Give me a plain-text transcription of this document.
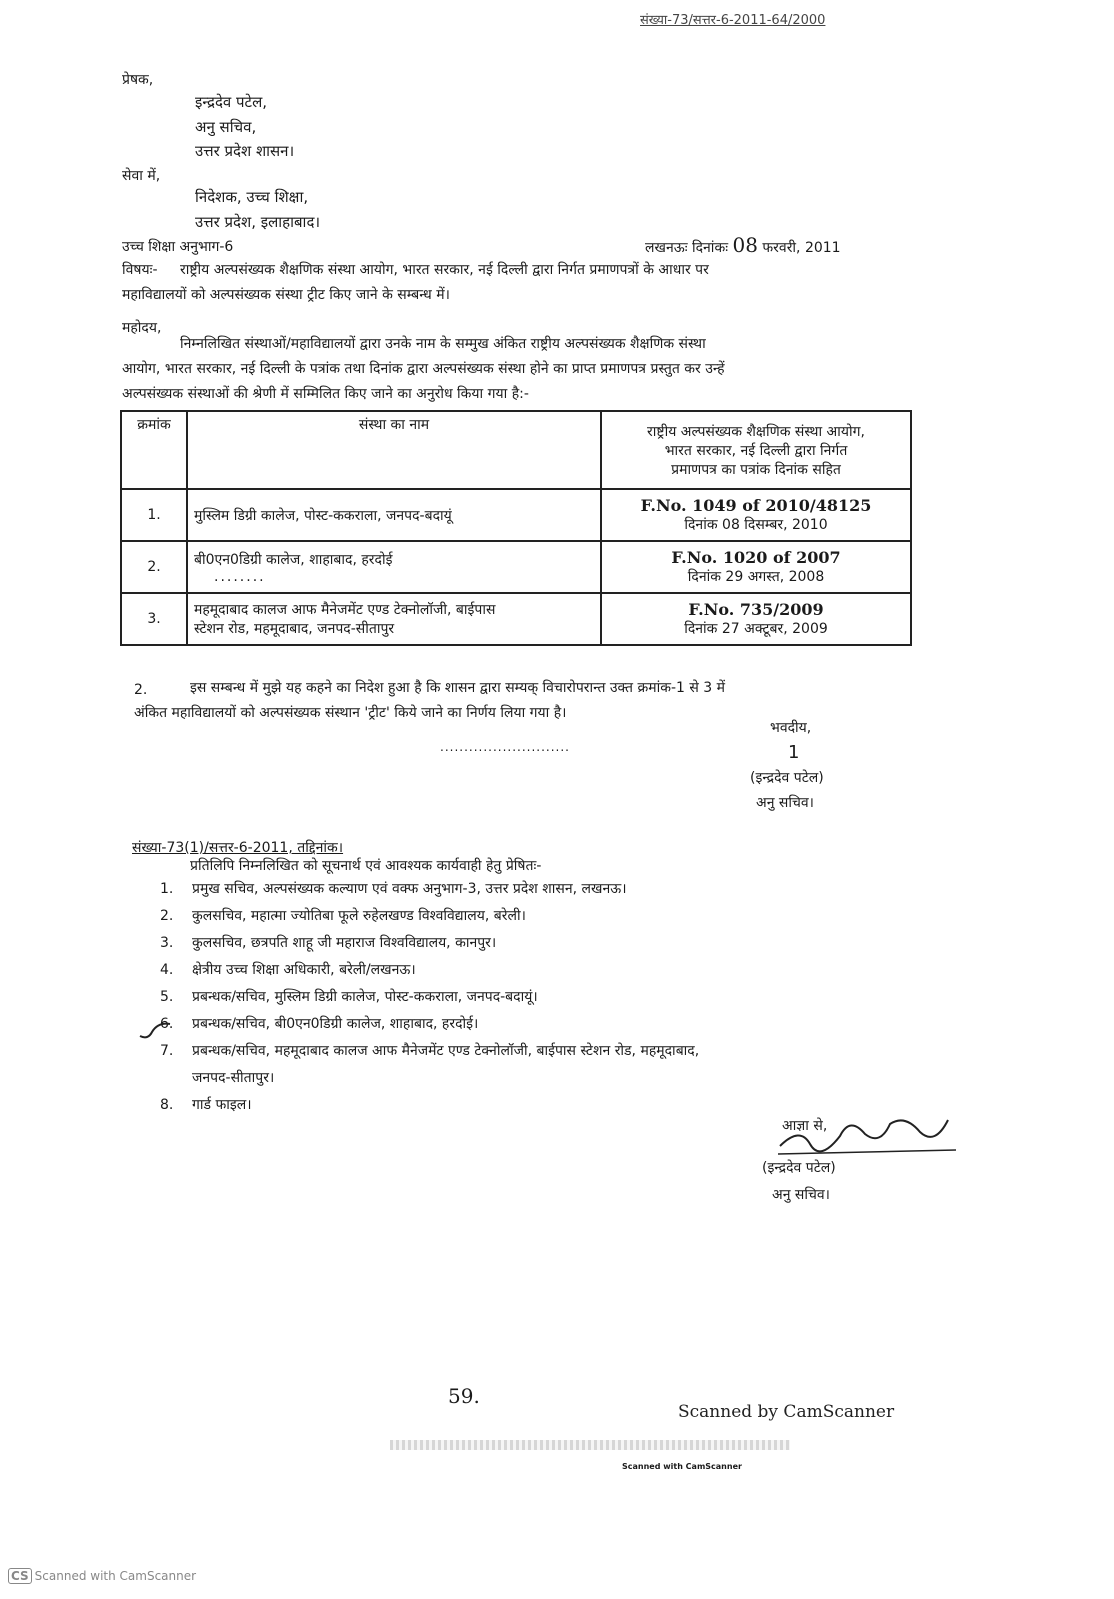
संख्या-73/सत्तर-6-2011-64/2000
प्रेषक,
इन्द्रदेव पटेल,
अनु सचिव,
उत्तर प्रदेश शासन।
सेवा में,
निदेशक, उच्च शिक्षा,
उत्तर प्रदेश, इलाहाबाद।
उच्च शिक्षा अनुभाग-6	लखनऊः दिनांकः 08 फरवरी, 2011
विषयः- राष्ट्रीय अल्पसंख्यक शैक्षणिक संस्था आयोग, भारत सरकार, नई दिल्ली द्वारा निर्गत प्रमाणपत्रों के आधार पर
महाविद्यालयों को अल्पसंख्यक संस्था ट्रीट किए जाने के सम्बन्ध में।
महोदय,
निम्नलिखित संस्थाओं/महाविद्यालयों द्वारा उनके नाम के सम्मुख अंकित राष्ट्रीय अल्पसंख्यक शैक्षणिक संस्था
आयोग, भारत सरकार, नई दिल्ली के पत्रांक तथा दिनांक द्वारा अल्पसंख्यक संस्था होने का प्राप्त प्रमाणपत्र प्रस्तुत कर उन्हें
अल्पसंख्यक संस्थाओं की श्रेणी में सम्मिलित किए जाने का अनुरोध किया गया है:-
क्रमांक	संस्था का नाम	राष्ट्रीय अल्पसंख्यक शैक्षणिक संस्था आयोग,
भारत सरकार, नई दिल्ली द्वारा निर्गत
प्रमाणपत्र का पत्रांक दिनांक सहित

1.	मुस्लिम डिग्री कालेज, पोस्ट-ककराला, जनपद-बदायूं	F.No. 1049 of 2010/48125
दिनांक 08 दिसम्बर, 2010

2.	बी0एन0डिग्री कालेज, शाहाबाद, हरदोई
........	F.No. 1020 of 2007
दिनांक 29 अगस्त, 2008

3.	महमूदाबाद कालज आफ मैनेजमेंट एण्ड टेक्नोलॉजी, बाईपास
स्टेशन रोड, महमूदाबाद, जनपद-सीतापुर	F.No. 735/2009
दिनांक 27 अक्टूबर, 2009
2.	इस सम्बन्ध में मुझे यह कहने का निदेश हुआ है कि शासन द्वारा सम्यक् विचारोपरान्त उक्त क्रमांक-1 से 3 में
अंकित महाविद्यालयों को अल्पसंख्यक संस्थान 'ट्रीट' किये जाने का निर्णय लिया गया है।
भवदीय,
...........................	1
(इन्द्रदेव पटेल)
अनु सचिव।
संख्या-73(1)/सत्तर-6-2011, तद्दिनांक।
प्रतिलिपि निम्नलिखित को सूचनार्थ एवं आवश्यक कार्यवाही हेतु प्रेषितः-
1.	प्रमुख सचिव, अल्पसंख्यक कल्याण एवं वक्फ अनुभाग-3, उत्तर प्रदेश शासन, लखनऊ।
2.	कुलसचिव, महात्मा ज्योतिबा फूले रुहेलखण्ड विश्वविद्यालय, बरेली।
3.	कुलसचिव, छत्रपति शाहू जी महाराज विश्वविद्यालय, कानपुर।
4.	क्षेत्रीय उच्च शिक्षा अधिकारी, बरेली/लखनऊ।
5.	प्रबन्धक/सचिव, मुस्लिम डिग्री कालेज, पोस्ट-ककराला, जनपद-बदायूं।
6.	प्रबन्धक/सचिव, बी0एन0डिग्री कालेज, शाहाबाद, हरदोई।
7.	प्रबन्धक/सचिव, महमूदाबाद कालज आफ मैनेजमेंट एण्ड टेक्नोलॉजी, बाईपास स्टेशन रोड, महमूदाबाद,
जनपद-सीतापुर।
8.	गार्ड फाइल।
आज्ञा से,
(इन्द्रदेव पटेल)
अनु सचिव।
59.
Scanned by CamScanner
Scanned with CamScanner
CS Scanned with CamScanner
